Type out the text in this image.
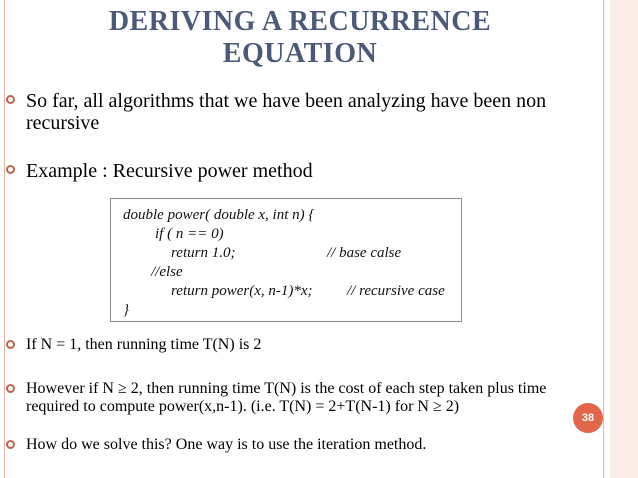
DERIVING A RECURRENCE
EQUATION
So far, all algorithms that we have been analyzing have been non
recursive
Example : Recursive power method
double power( double x, int n) {
if ( n == 0)
return 1.0;	// base calse
//else
return power(x, n-1)*x; // recursive case
}
If N = 1, then running time T(N) is 2
However if N ≥ 2, then running time T(N) is the cost of each step taken plus time
required to compute power(x,n-1). (i.e. T(N) = 2+T(N-1) for N ≥ 2)
How do we solve this? One way is to use the iteration method.
38
